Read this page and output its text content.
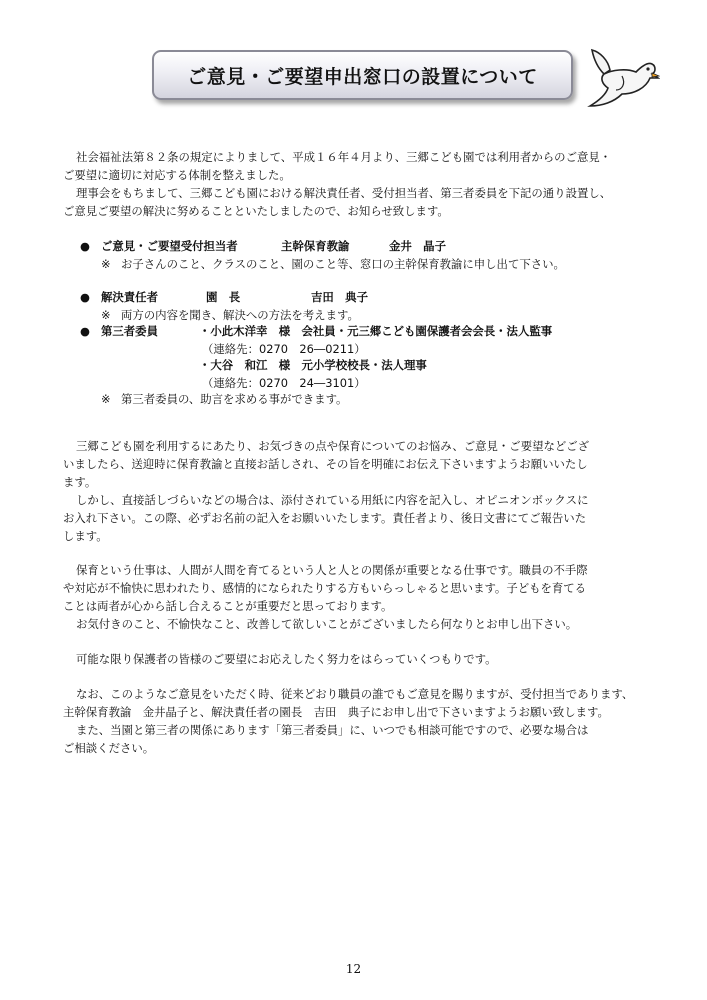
ご意見・ご要望申出窓口の設置について
社会福祉法第８２条の規定によりまして、平成１６年４月より、三郷こども園では利用者からのご意見・
ご要望に適切に対応する体制を整えました。
理事会をもちまして、三郷こども園における解決責任者、受付担当者、第三者委員を下記の通り設置し、
ご意見ご要望の解決に努めることといたしましたので、お知らせ致します。
● ご意見・ご要望受付担当者	主幹保育教諭	金井　晶子
※ お子さんのこと、クラスのこと、園のこと等、窓口の主幹保育教諭に申し出て下さい。
● 解決責任者	園　長	吉田　典子
※ 両方の内容を聞き、解決への方法を考えます。
● 第三者委員	・小此木洋幸　様　会社員・元三郷こども園保護者会会長・法人監事
（連絡先：0270　26―0211）
・大谷　和江　様　元小学校校長・法人理事
（連絡先：0270　24―3101）
※ 第三者委員の、助言を求める事ができます。
三郷こども園を利用するにあたり、お気づきの点や保育についてのお悩み、ご意見・ご要望などござ
いましたら、送迎時に保育教諭と直接お話しされ、その旨を明確にお伝え下さいますようお願いいたし
ます。
しかし、直接話しづらいなどの場合は、添付されている用紙に内容を記入し、オピニオンボックスに
お入れ下さい。この際、必ずお名前の記入をお願いいたします。責任者より、後日文書にてご報告いた
します。
保育という仕事は、人間が人間を育てるという人と人との関係が重要となる仕事です。職員の不手際
や対応が不愉快に思われたり、感情的になられたりする方もいらっしゃると思います。子どもを育てる
ことは両者が心から話し合えることが重要だと思っております。
お気付きのこと、不愉快なこと、改善して欲しいことがございましたら何なりとお申し出下さい。
可能な限り保護者の皆様のご要望にお応えしたく努力をはらっていくつもりです。
なお、このようなご意見をいただく時、従来どおり職員の誰でもご意見を賜りますが、受付担当であります、
主幹保育教諭　金井晶子と、解決責任者の園長　吉田　典子にお申し出で下さいますようお願い致します。
また、当園と第三者の関係にあります「第三者委員」に、いつでも相談可能ですので、必要な場合は
ご相談ください。
12
